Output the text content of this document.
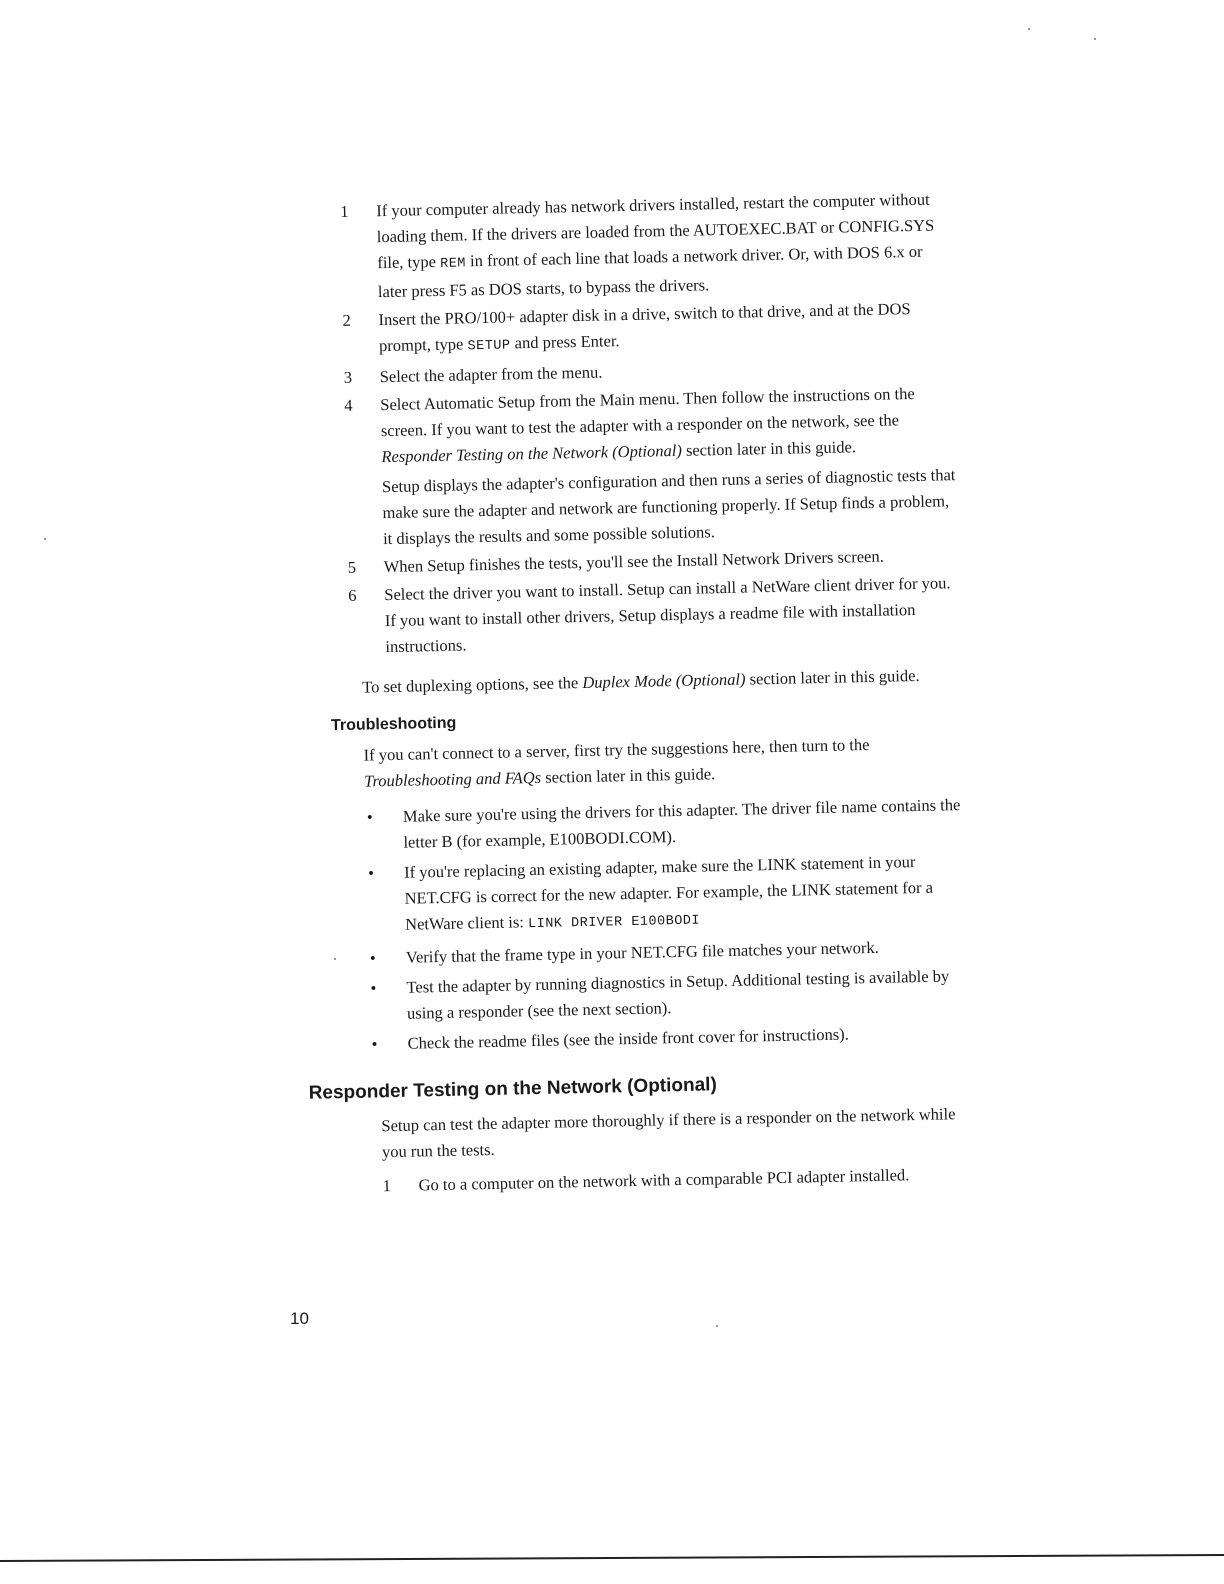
1	If your computer already has network drivers installed, restart the computer without loading them. If the drivers are loaded from the AUTOEXEC.BAT or CONFIG.SYS file, type REM in front of each line that loads a network driver. Or, with DOS 6.x or later press F5 as DOS starts, to bypass the drivers.

2	Insert the PRO/100+ adapter disk in a drive, switch to that drive, and at the DOS prompt, type SETUP and press Enter.

3	Select the adapter from the menu.

4	Select Automatic Setup from the Main menu. Then follow the instructions on the screen. If you want to test the adapter with a responder on the network, see the Responder Testing on the Network (Optional) section later in this guide.

Setup displays the adapter's configuration and then runs a series of diagnostic tests that make sure the adapter and network are functioning properly. If Setup finds a problem, it displays the results and some possible solutions.

5	When Setup finishes the tests, you'll see the Install Network Drivers screen.

6	Select the driver you want to install. Setup can install a NetWare client driver for you. If you want to install other drivers, Setup displays a readme file with installation instructions.

To set duplexing options, see the Duplex Mode (Optional) section later in this guide.

Troubleshooting

If you can't connect to a server, first try the suggestions here, then turn to the Troubleshooting and FAQs section later in this guide.

• Make sure you're using the drivers for this adapter. The driver file name contains the letter B (for example, E100BODI.COM).
• If you're replacing an existing adapter, make sure the LINK statement in your NET.CFG is correct for the new adapter. For example, the LINK statement for a NetWare client is: LINK DRIVER E100BODI
• Verify that the frame type in your NET.CFG file matches your network.
• Test the adapter by running diagnostics in Setup. Additional testing is available by using a responder (see the next section).
• Check the readme files (see the inside front cover for instructions).
Responder Testing on the Network (Optional)

Setup can test the adapter more thoroughly if there is a responder on the network while you run the tests.

1 Go to a computer on the network with a comparable PCI adapter installed.
10
